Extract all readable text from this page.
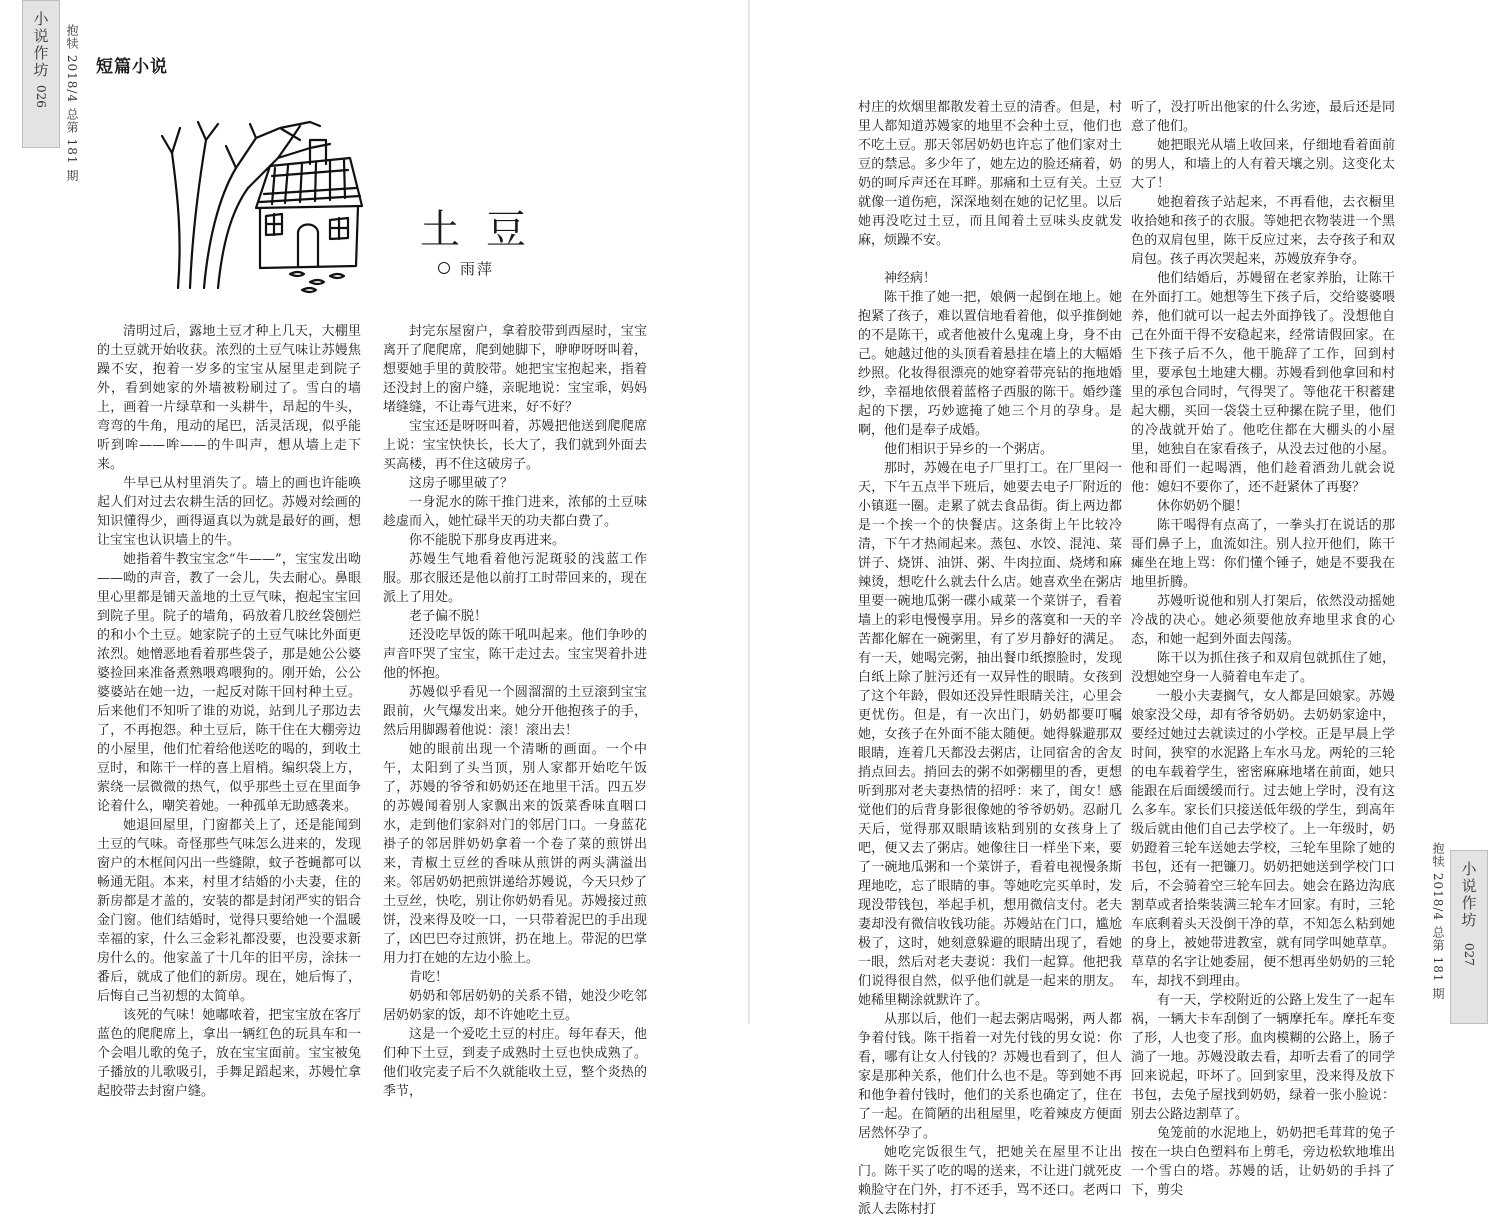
小说作坊
026 抱犊 2018/4 总第 181 期 短篇小说
土豆
雨萍

清明过后，露地土豆才种上几天，大棚里的土豆就开始收获。浓烈的土豆气味让苏嫚焦躁不安，抱着一岁多的宝宝从屋里走到院子外，看到她家的外墙被粉刷过了。雪白的墙上，画着一片绿草和一头耕牛，昂起的牛头，弯弯的牛角，甩动的尾巴，活灵活现，似乎能听到哞——哞——的牛叫声，想从墙上走下来。

牛早已从村里消失了。墙上的画也许能唤起人们对过去农耕生活的回忆。苏嫚对绘画的知识懂得少，画得逼真以为就是最好的画，想让宝宝也认识墙上的牛。

她指着牛教宝宝念“牛——”，宝宝发出呦——呦的声音，教了一会儿，失去耐心。鼻眼里心里都是铺天盖地的土豆气味，抱起宝宝回到院子里。院子的墙角，码放着几胶丝袋刨烂的和小个土豆。她家院子的土豆气味比外面更浓烈。她憎恶地看着那些袋子，那是她公公婆婆捡回来准备煮熟喂鸡喂狗的。刚开始，公公婆婆站在她一边，一起反对陈干回村种土豆。后来他们不知听了谁的劝说，站到儿子那边去了，不再抱怨。种土豆后，陈干住在大棚旁边的小屋里，他们忙着给他送吃的喝的，到收土豆时，和陈干一样的喜上眉梢。编织袋上方，萦绕一层微微的热气，似乎那些土豆在里面争论着什么，嘲笑着她。一种孤单无助感袭来。

她退回屋里，门窗都关上了，还是能闻到土豆的气味。奇怪那些气味怎么进来的，发现窗户的木框间闪出一些缝隙，蚊子苍蝇都可以畅通无阻。本来，村里才结婚的小夫妻，住的新房都是才盖的，安装的都是封闭严实的铝合金门窗。他们结婚时，觉得只要给她一个温暖幸福的家，什么三金彩礼都没要，也没要求新房什么的。他家盖了十几年的旧平房，涂抹一番后，就成了他们的新房。现在，她后悔了，后悔自己当初想的太简单。

该死的气味！她嘟哝着，把宝宝放在客厅蓝色的爬爬席上，拿出一辆红色的玩具车和一个会唱儿歌的兔子，放在宝宝面前。宝宝被兔子播放的儿歌吸引，手舞足蹈起来，苏嫚忙拿起胶带去封窗户缝。

封完东屋窗户，拿着胶带到西屋时，宝宝离开了爬爬席，爬到她脚下，咿咿呀呀叫着，想要她手里的黄胶带。她把宝宝抱起来，指着还没封上的窗户缝，亲昵地说：宝宝乖，妈妈堵缝缝，不让毒气进来，好不好？

宝宝还是呀呀叫着，苏嫚把他送到爬爬席上说：宝宝快快长，长大了，我们就到外面去买高楼，再不住这破房子。

这房子哪里破了？

一身泥水的陈干推门进来，浓郁的土豆味趁虚而入，她忙碌半天的功夫都白费了。

你不能脱下那身皮再进来。

苏嫚生气地看着他污泥斑驳的浅蓝工作服。那衣服还是他以前打工时带回来的，现在派上了用处。

老子偏不脱！

还没吃早饭的陈干吼叫起来。他们争吵的声音吓哭了宝宝，陈干走过去。宝宝哭着扑进他的怀抱。

苏嫚似乎看见一个圆溜溜的土豆滚到宝宝跟前，火气爆发出来。她分开他抱孩子的手，然后用脚踢着他说：滚！滚出去！

她的眼前出现一个清晰的画面。一个中午，太阳到了头当顶，别人家都开始吃午饭了，苏嫚的爷爷和奶奶还在地里干活。四五岁的苏嫚闻着别人家飘出来的饭菜香味直咽口水，走到他们家斜对门的邻居门口。一身蓝花褂子的邻居胖奶奶拿着一个卷了菜的煎饼出来，青椒土豆丝的香味从煎饼的两头满溢出来。邻居奶奶把煎饼递给苏嫚说，今天只炒了土豆丝，快吃，别让你奶奶看见。苏嫚接过煎饼，没来得及咬一口，一只带着泥巴的手出现了，凶巴巴夺过煎饼，扔在地上。带泥的巴掌用力打在她的左边小脸上。

肯吃！

奶奶和邻居奶奶的关系不错，她没少吃邻居奶奶家的饭，却不许她吃土豆。

这是一个爱吃土豆的村庄。每年春天，他们种下土豆，到麦子成熟时土豆也快成熟了。他们收完麦子后不久就能收土豆，整个炎热的季节，

村庄的炊烟里都散发着土豆的清香。但是，村里人都知道苏嫚家的地里不会种土豆，他们也不吃土豆。那天邻居奶奶也许忘了他们家对土豆的禁忌。多少年了，她左边的脸还痛着，奶奶的呵斥声还在耳畔。那痛和土豆有关。土豆就像一道伤疤，深深地刻在她的记忆里。以后她再没吃过土豆，而且闻着土豆味头皮就发麻，烦躁不安。

神经病！

陈干推了她一把，娘俩一起倒在地上。她抱紧了孩子，难以置信地看着他，似乎推倒她的不是陈干，或者他被什么鬼魂上身，身不由己。她越过他的头顶看着悬挂在墙上的大幅婚纱照。化妆得很漂亮的她穿着带亮钻的拖地婚纱，幸福地依偎着蓝格子西服的陈干。婚纱蓬起的下摆，巧妙遮掩了她三个月的孕身。是啊，他们是奉子成婚。

他们相识于异乡的一个粥店。

那时，苏嫚在电子厂里打工。在厂里闷一天，下午五点半下班后，她要去电子厂附近的小镇逛一圈。走累了就去食品街。街上两边都是一个挨一个的快餐店。这条街上午比较冷清，下午才热闹起来。蒸包、水饺、混沌、菜饼子、烧饼、油饼、粥、牛肉拉面、烧烤和麻辣烫，想吃什么就去什么店。她喜欢坐在粥店里要一碗地瓜粥一碟小咸菜一个菜饼子，看着墙上的彩电慢慢享用。异乡的落寞和一天的辛苦都化解在一碗粥里，有了岁月静好的满足。有一天，她喝完粥，抽出餐巾纸擦脸时，发现白纸上除了脏污还有一双异性的眼睛。女孩到了这个年龄，假如还没异性眼睛关注，心里会更忧伤。但是，有一次出门，奶奶都要叮嘱她，女孩子在外面不能太随便。她得躲避那双眼睛，连着几天都没去粥店，让同宿舍的舍友捎点回去。捎回去的粥不如粥棚里的香，更想听到那对老夫妻热情的招呼：来了，闺女！感觉他们的后背身影很像她的爷爷奶奶。忍耐几天后，觉得那双眼睛该粘到别的女孩身上了吧，便又去了粥店。她像往日一样坐下来，要了一碗地瓜粥和一个菜饼子，看着电视慢条斯理地吃，忘了眼睛的事。等她吃完买单时，发现没带钱包，举起手机，想用微信支付。老夫妻却没有微信收钱功能。苏嫚站在门口，尴尬极了，这时，她刻意躲避的眼睛出现了，看她一眼，然后对老夫妻说：我们一起算。他把我们说得很自然，似乎他们就是一起来的朋友。她稀里糊涂就默许了。

从那以后，他们一起去粥店喝粥，两人都争着付钱。陈干指着一对先付钱的男女说：你看，哪有让女人付钱的？苏嫚也看到了，但人家是那种关系，他们什么也不是。等到她不再和他争着付钱时，他们的关系也确定了，住在了一起。在简陋的出租屋里，吃着辣皮方便面居然怀孕了。

她吃完饭很生气，把她关在屋里不让出门。陈干买了吃的喝的送来，不让进门就死皮赖脸守在门外，打不还手，骂不还口。老两口派人去陈村打

听了，没打听出他家的什么劣迹，最后还是同意了他们。

她把眼光从墙上收回来，仔细地看着面前的男人，和墙上的人有着天壤之别。这变化太大了！

她抱着孩子站起来，不再看他，去衣橱里收拾她和孩子的衣服。等她把衣物装进一个黑色的双肩包里，陈干反应过来，去夺孩子和双肩包。孩子再次哭起来，苏嫚放弃争夺。

他们结婚后，苏嫚留在老家养胎，让陈干在外面打工。她想等生下孩子后，交给婆婆喂养，他们就可以一起去外面挣钱了。没想他自己在外面干得不安稳起来，经常请假回家。在生下孩子后不久，他干脆辞了工作，回到村里，要承包土地建大棚。苏嫚看到他拿回和村里的承包合同时，气得哭了。等他花干积蓄建起大棚，买回一袋袋土豆种摞在院子里，他们的冷战就开始了。他吃住都在大棚头的小屋里，她独自在家看孩子，从没去过他的小屋。他和哥们一起喝酒，他们趁着酒劲儿就会说他：媳妇不要你了，还不赶紧休了再娶？

休你奶奶个腿！

陈干喝得有点高了，一拳头打在说话的那哥们鼻子上，血流如注。别人拉开他们，陈干瘫坐在地上骂：你们懂个锤子，她是不要我在地里折腾。

苏嫚听说他和别人打架后，依然没动摇她冷战的决心。她必须要他放弃地里求食的心态，和她一起到外面去闯荡。

陈干以为抓住孩子和双肩包就抓住了她，没想她空身一人骑着电车走了。

一般小夫妻搁气，女人都是回娘家。苏嫚娘家没父母，却有爷爷奶奶。去奶奶家途中，要经过她过去就读过的小学校。正是早晨上学时间，狭窄的水泥路上车水马龙。两轮的三轮的电车载着学生，密密麻麻地堵在前面，她只能跟在后面缓缓而行。过去她上学时，没有这么多车。家长们只接送低年级的学生，到高年级后就由他们自己去学校了。上一年级时，奶奶蹬着三轮车送她去学校，三轮车里除了她的书包，还有一把镰刀。奶奶把她送到学校门口后，不会骑着空三轮车回去。她会在路边沟底割草或者拾柴装满三轮车才回家。有时，三轮车底剩着头天没倒干净的草，不知怎么粘到她的身上，被她带进教室，就有同学叫她草草。草草的名字让她委屈，便不想再坐奶奶的三轮车，却找不到理由。

有一天，学校附近的公路上发生了一起车祸，一辆大卡车刮倒了一辆摩托车。摩托车变了形，人也变了形。血肉模糊的公路上，肠子淌了一地。苏嫚没敢去看，却听去看了的同学回来说起，吓坏了。回到家里，没来得及放下书包，去兔子屋找到奶奶，绿着一张小脸说：别去公路边割草了。

兔笼前的水泥地上，奶奶把毛茸茸的兔子按在一块白色塑料布上剪毛，旁边松软地堆出一个雪白的塔。苏嫚的话，让奶奶的手抖了下，剪尖

抱犊 2018/4 总第 181 期 小说作坊
027
